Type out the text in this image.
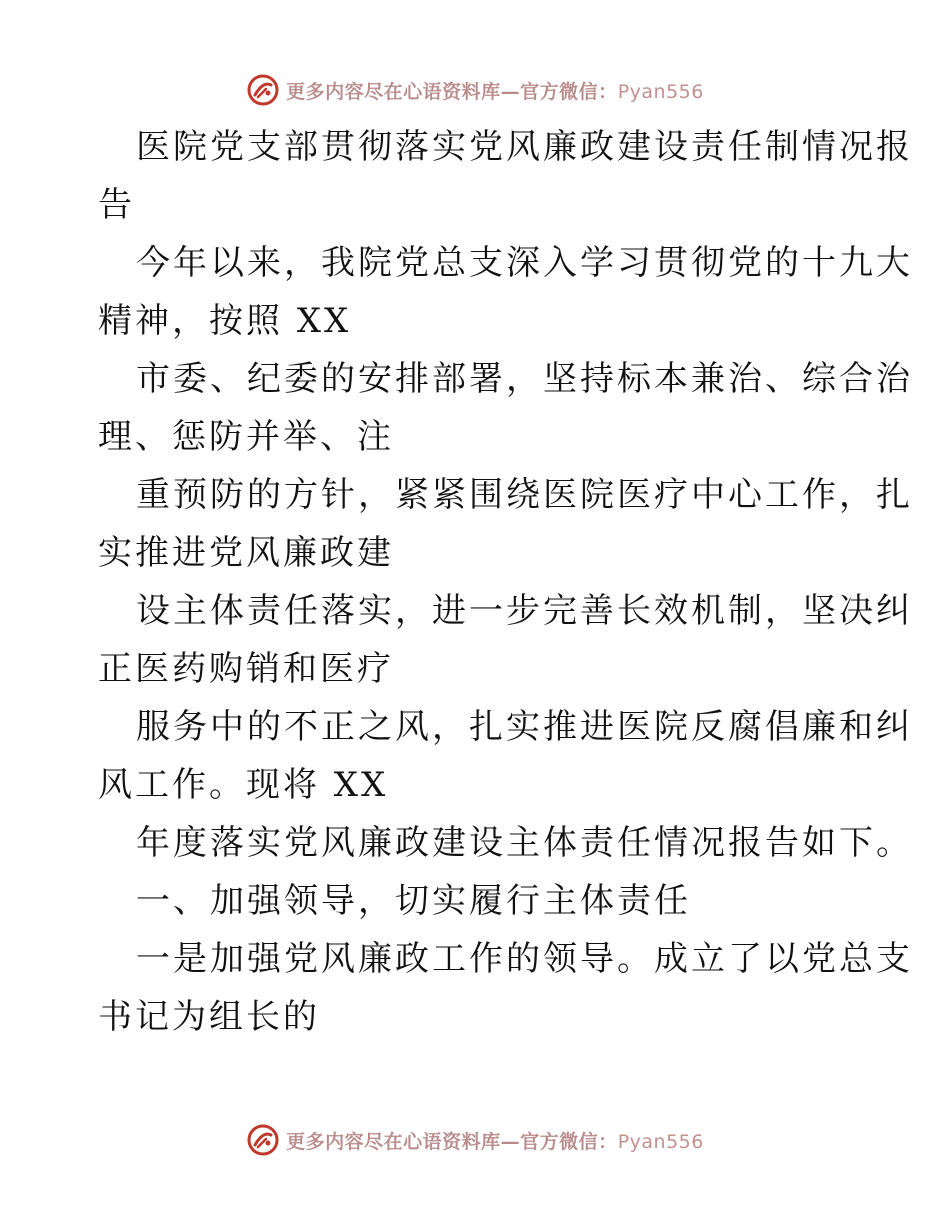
更多内容尽在心语资料库—官方微信：Pyan556
医院党支部贯彻落实党风廉政建设责任制情况报
告
今年以来，我院党总支深入学习贯彻党的十九大
精神，按照 XX
市委、纪委的安排部署，坚持标本兼治、综合治
理、惩防并举、注
重预防的方针，紧紧围绕医院医疗中心工作，扎
实推进党风廉政建
设主体责任落实，进一步完善长效机制，坚决纠
正医药购销和医疗
服务中的不正之风，扎实推进医院反腐倡廉和纠
风工作。现将 XX
年度落实党风廉政建设主体责任情况报告如下。
一、加强领导，切实履行主体责任
一是加强党风廉政工作的领导。成立了以党总支
书记为组长的
更多内容尽在心语资料库—官方微信：Pyan556
